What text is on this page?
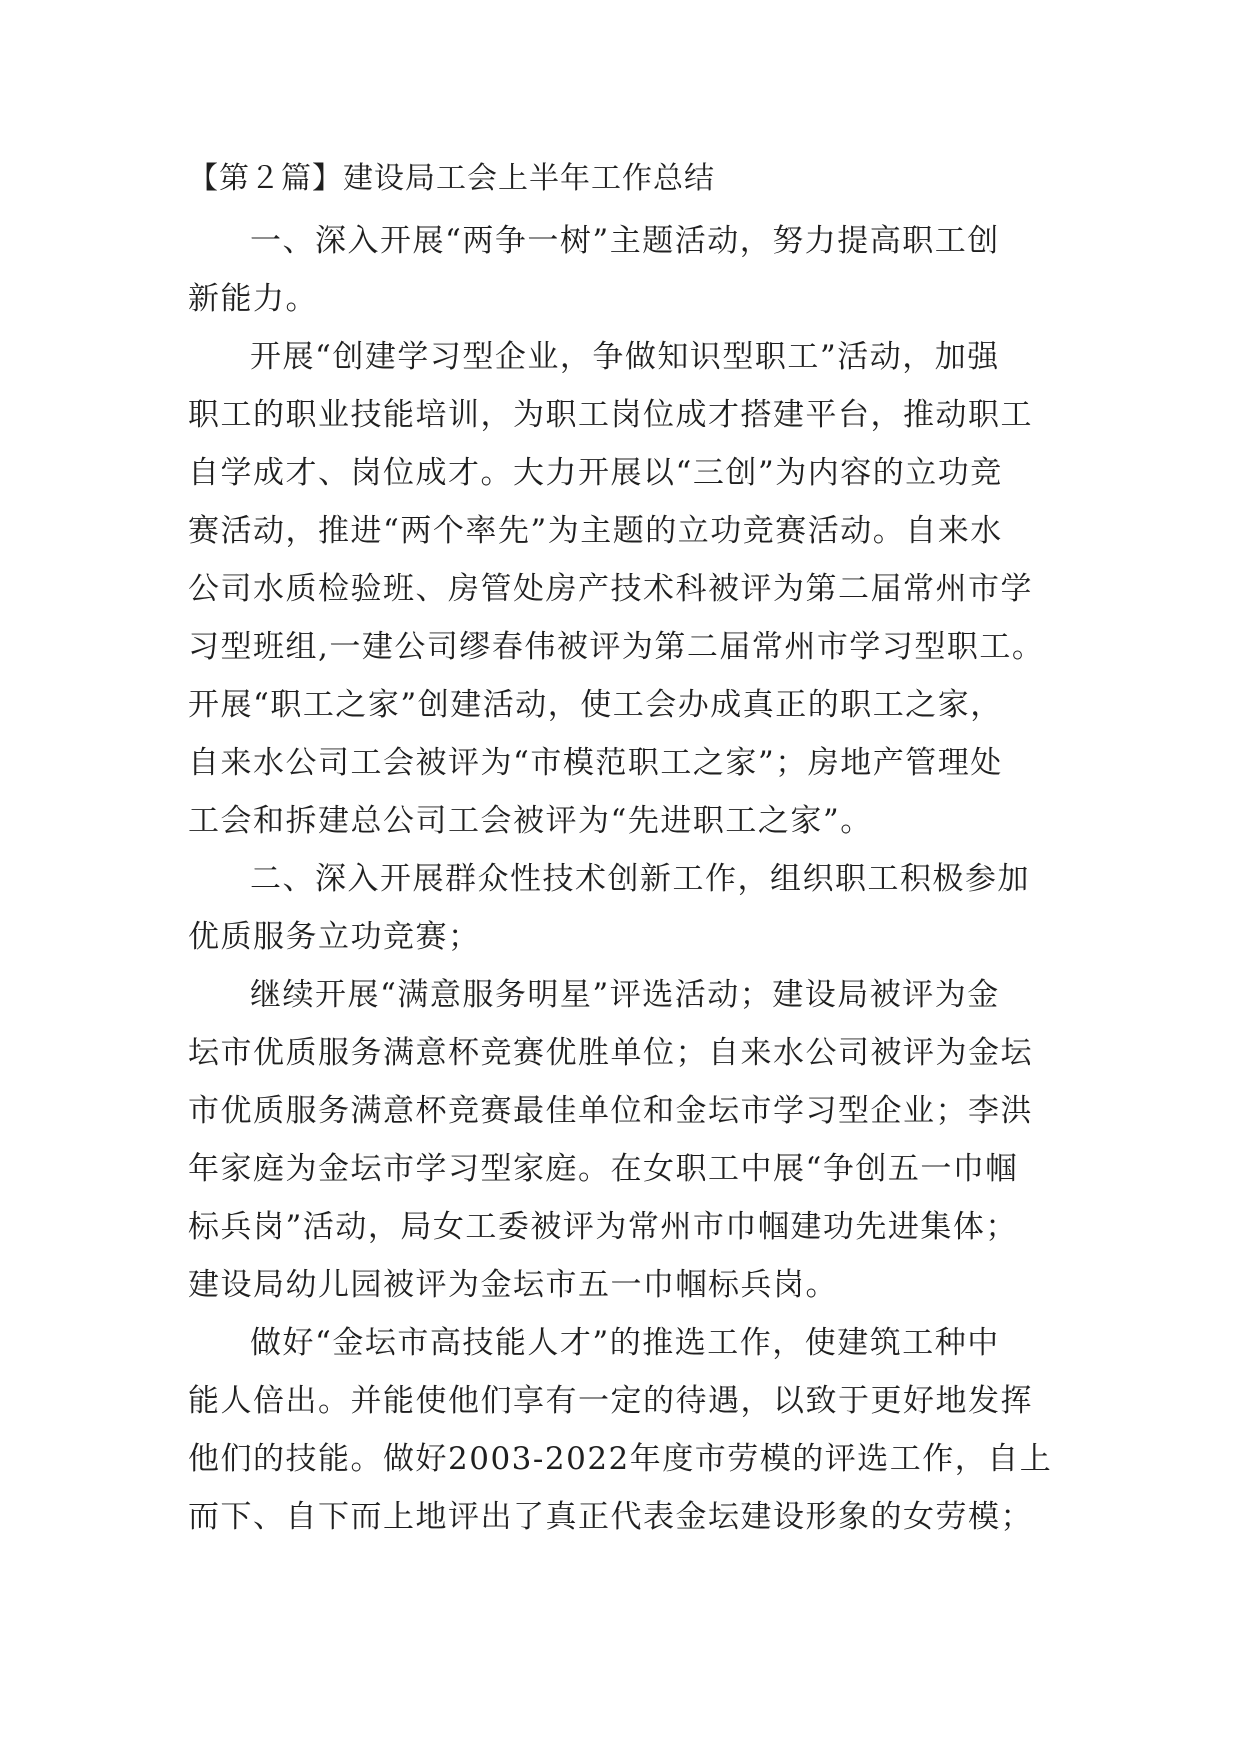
【第２篇】建设局工会上半年工作总结
一、深入开展“两争一树”主题活动，努力提高职工创
新能力。
开展“创建学习型企业，争做知识型职工”活动，加强
职工的职业技能培训，为职工岗位成才搭建平台，推动职工
自学成才、岗位成才。大力开展以“三创”为内容的立功竞
赛活动，推进“两个率先”为主题的立功竞赛活动。自来水
公司水质检验班、房管处房产技术科被评为第二届常州市学
习型班组,一建公司缪春伟被评为第二届常州市学习型职工。
开展“职工之家”创建活动，使工会办成真正的职工之家，
自来水公司工会被评为“市模范职工之家”；房地产管理处
工会和拆建总公司工会被评为“先进职工之家”。
二、深入开展群众性技术创新工作，组织职工积极参加
优质服务立功竞赛；
继续开展“满意服务明星”评选活动；建设局被评为金
坛市优质服务满意杯竞赛优胜单位；自来水公司被评为金坛
市优质服务满意杯竞赛最佳单位和金坛市学习型企业；李洪
年家庭为金坛市学习型家庭。在女职工中展“争创五一巾帼
标兵岗”活动，局女工委被评为常州市巾帼建功先进集体；
建设局幼儿园被评为金坛市五一巾帼标兵岗。
做好“金坛市高技能人才”的推选工作，使建筑工种中
能人倍出。并能使他们享有一定的待遇，以致于更好地发挥
他们的技能。做好2003-2022年度市劳模的评选工作，自上
而下、自下而上地评出了真正代表金坛建设形象的女劳模；
